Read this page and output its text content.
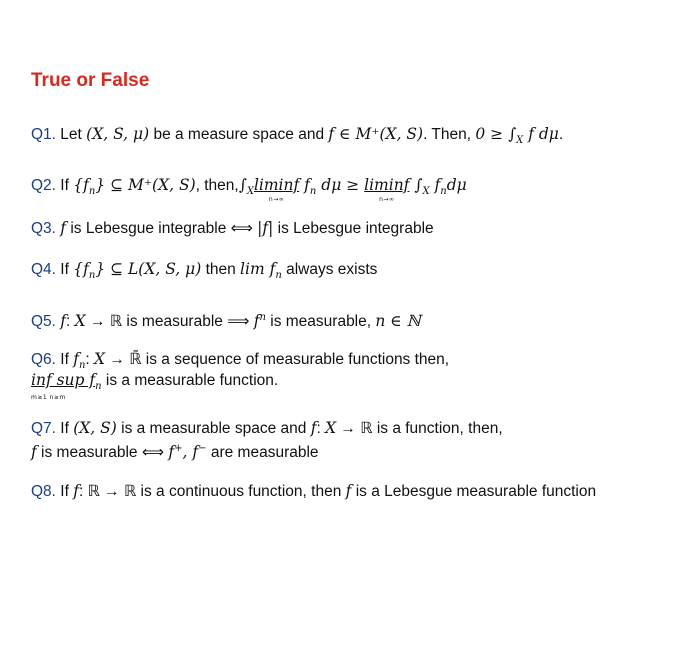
True or False
Q1. Let (X, S, μ) be a measure space and f ∈ M⁺(X, S). Then, $0 \ge \int_X$ f dμ.
Q2. If $\{f_n\}$ ⊆ M⁺(X, S), $then,\int_Xliminf$
n→∞
$f_n$ dμ ≥ liminf
n→∞
$\int_X$ $f_nd\mu$
Q3. f is Lebesgue integrable ⟺ |f| is Lebesgue integrable
Q4. If $\{f_n\}$ ⊆ L(X, S, μ) then $\lim f_n$ always exists
Q5. f: X → ℝ is measurable ⟹ $f^n$ is measurable, n ∈ ℕ
Q6. If $f_n$: X → ℝ̄ is a sequence of measurable functions then,
inf sup f
m≥1 n≥m
$_n$ is a measurable function.
Q7. If (X, S) is a measurable space and f: X → ℝ is a function, then,
f is measurable ⟺ f+, f− are measurable
Q8. If f: ℝ → ℝ is a continuous function, then f is a Lebesgue measurable function
